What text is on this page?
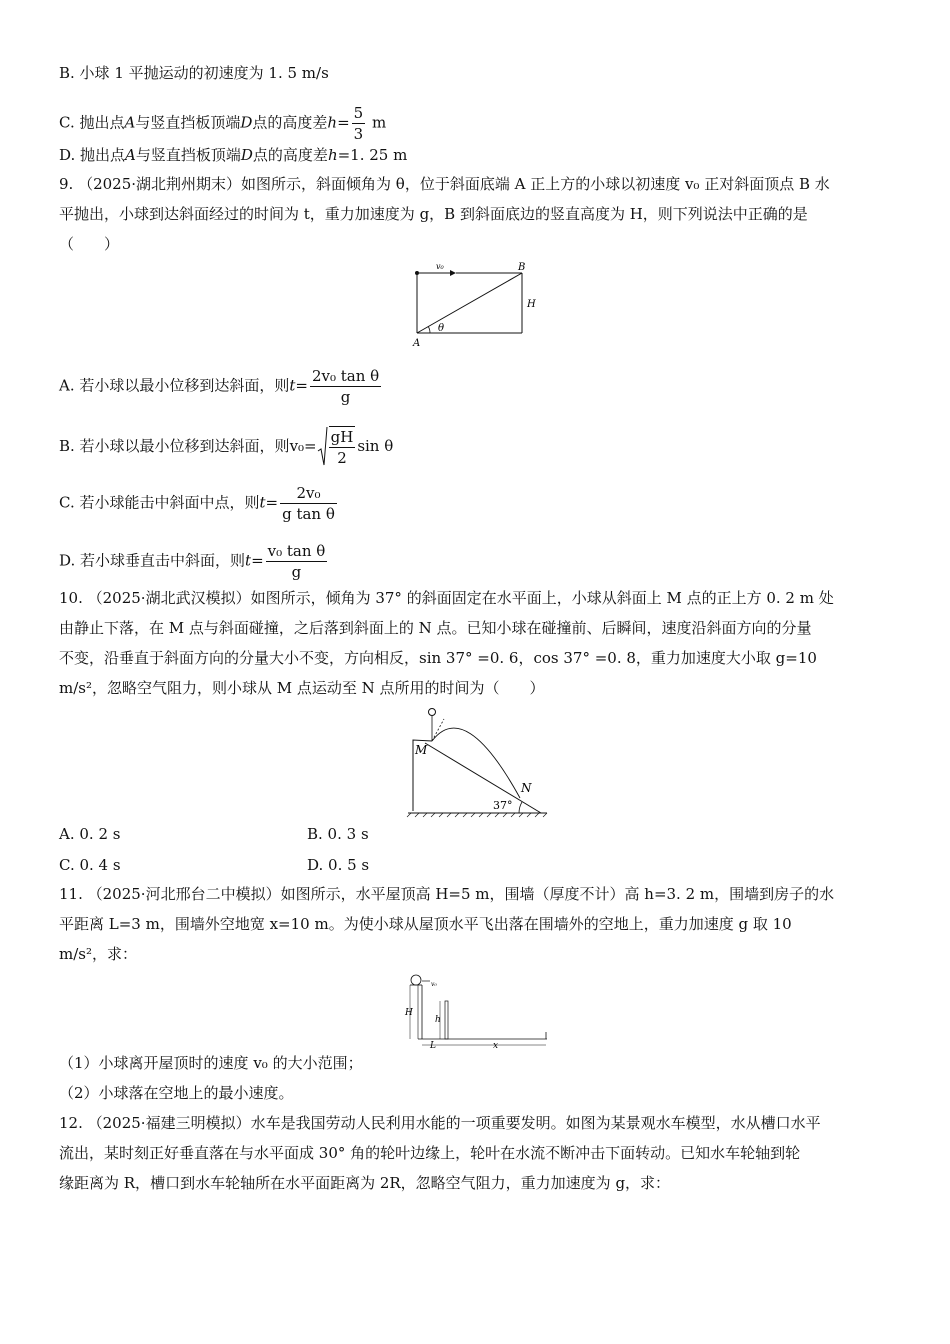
B. 小球 1 平抛运动的初速度为 1. 5 m/s
C. 抛出点A与竖直挡板顶端D点的高度差$h= \frac{5}{3}$ m
D. 抛出点A与竖直挡板顶端D点的高度差h=1. 25 m
9. （2025·湖北荆州期末）如图所示，斜面倾角为 θ，位于斜面底端 A 正上方的小球以初速度 v₀ 正对斜面顶点 B 水
平抛出，小球到达斜面经过的时间为 t，重力加速度为 g，B 到斜面底边的竖直高度为 H，则下列说法中正确的是
（　　）
v₀	B
H
A
θ
A. 若小球以最小位移到达斜面，则$t= \frac{\text{2v₀ tan θ}}{g}$
B. 若小球以最小位移到达斜面，则$v_0= \frac{gH}{2}$ sin θ
C. 若小球能击中斜面中点，则$t= \frac{\text{2v₀}}{\text{g tan θ}}$
D. 若小球垂直击中斜面，则$t= \frac{\text{v₀ tan θ}}{g}$
10. （2025·湖北武汉模拟）如图所示，倾角为 37° 的斜面固定在水平面上，小球从斜面上 M 点的正上方 0. 2 m 处
由静止下落，在 M 点与斜面碰撞，之后落到斜面上的 N 点。已知小球在碰撞前、后瞬间，速度沿斜面方向的分量
不变，沿垂直于斜面方向的分量大小不变，方向相反，sin 37° =0. 6，cos 37° =0. 8，重力加速度大小取 g=10
m/s²，忽略空气阻力，则小球从 M 点运动至 N 点所用的时间为（　　）
M
N
37°
A. 0. 2 s	B. 0. 3 s
C. 0. 4 s	D. 0. 5 s
11. （2025·河北邢台二中模拟）如图所示，水平屋顶高 H=5 m，围墙（厚度不计）高 h=3. 2 m，围墙到房子的水
平距离 L=3 m，围墙外空地宽 x=10 m。为使小球从屋顶水平飞出落在围墙外的空地上，重力加速度 g 取 10
m/s²，求：
v₀
H
h
L	x
（1）小球离开屋顶时的速度 v₀ 的大小范围；
（2）小球落在空地上的最小速度。
12. （2025·福建三明模拟）水车是我国劳动人民利用水能的一项重要发明。如图为某景观水车模型，水从槽口水平
流出，某时刻正好垂直落在与水平面成 30° 角的轮叶边缘上，轮叶在水流不断冲击下面转动。已知水车轮轴到轮
缘距离为 R，槽口到水车轮轴所在水平面距离为 2R，忽略空气阻力，重力加速度为 g，求：
